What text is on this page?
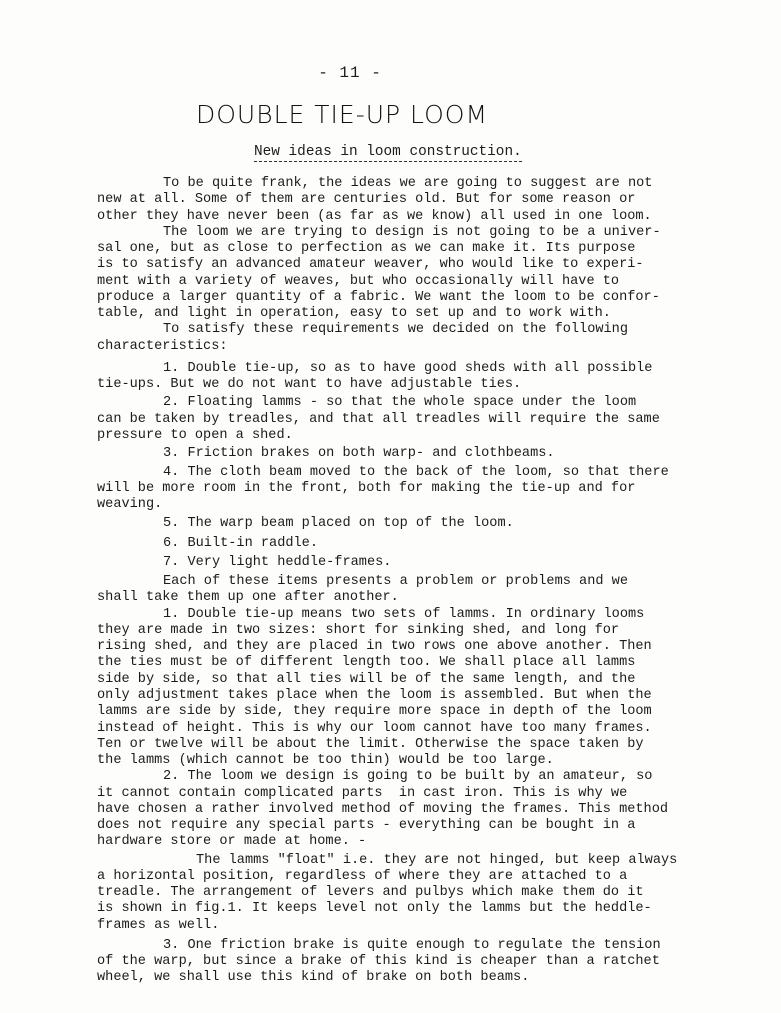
- 11 -
DOUBLE TIE-UP LOOM
New ideas in loom construction.
To be quite frank, the ideas we are going to suggest are not
new at all. Some of them are centuries old. But for some reason or
other they have never been (as far as we know) all used in one loom.
The loom we are trying to design is not going to be a univer-
sal one, but as close to perfection as we can make it. Its purpose
is to satisfy an advanced amateur weaver, who would like to experi-
ment with a variety of weaves, but who occasionally will have to
produce a larger quantity of a fabric. We want the loom to be confor-
table, and light in operation, easy to set up and to work with.
To satisfy these requirements we decided on the following
characteristics:
1. Double tie-up, so as to have good sheds with all possible
tie-ups. But we do not want to have adjustable ties.
2. Floating lamms - so that the whole space under the loom
can be taken by treadles, and that all treadles will require the same
pressure to open a shed.
3. Friction brakes on both warp- and clothbeams.
4. The cloth beam moved to the back of the loom, so that there
will be more room in the front, both for making the tie-up and for
weaving.
5. The warp beam placed on top of the loom.
6. Built-in raddle.
7. Very light heddle-frames.
Each of these items presents a problem or problems and we
shall take them up one after another.
1. Double tie-up means two sets of lamms. In ordinary looms
they are made in two sizes: short for sinking shed, and long for
rising shed, and they are placed in two rows one above another. Then
the ties must be of different length too. We shall place all lamms
side by side, so that all ties will be of the same length, and the
only adjustment takes place when the loom is assembled. But when the
lamms are side by side, they require more space in depth of the loom
instead of height. This is why our loom cannot have too many frames.
Ten or twelve will be about the limit. Otherwise the space taken by
the lamms (which cannot be too thin) would be too large.
2. The loom we design is going to be built by an amateur, so
it cannot contain complicated parts  in cast iron. This is why we
have chosen a rather involved method of moving the frames. This method
does not require any special parts - everything can be bought in a
hardware store or made at home. -
The lamms "float" i.e. they are not hinged, but keep always
a horizontal position, regardless of where they are attached to a
treadle. The arrangement of levers and pulbys which make them do it
is shown in fig.1. It keeps level not only the lamms but the heddle-
frames as well.
3. One friction brake is quite enough to regulate the tension
of the warp, but since a brake of this kind is cheaper than a ratchet
wheel, we shall use this kind of brake on both beams.
